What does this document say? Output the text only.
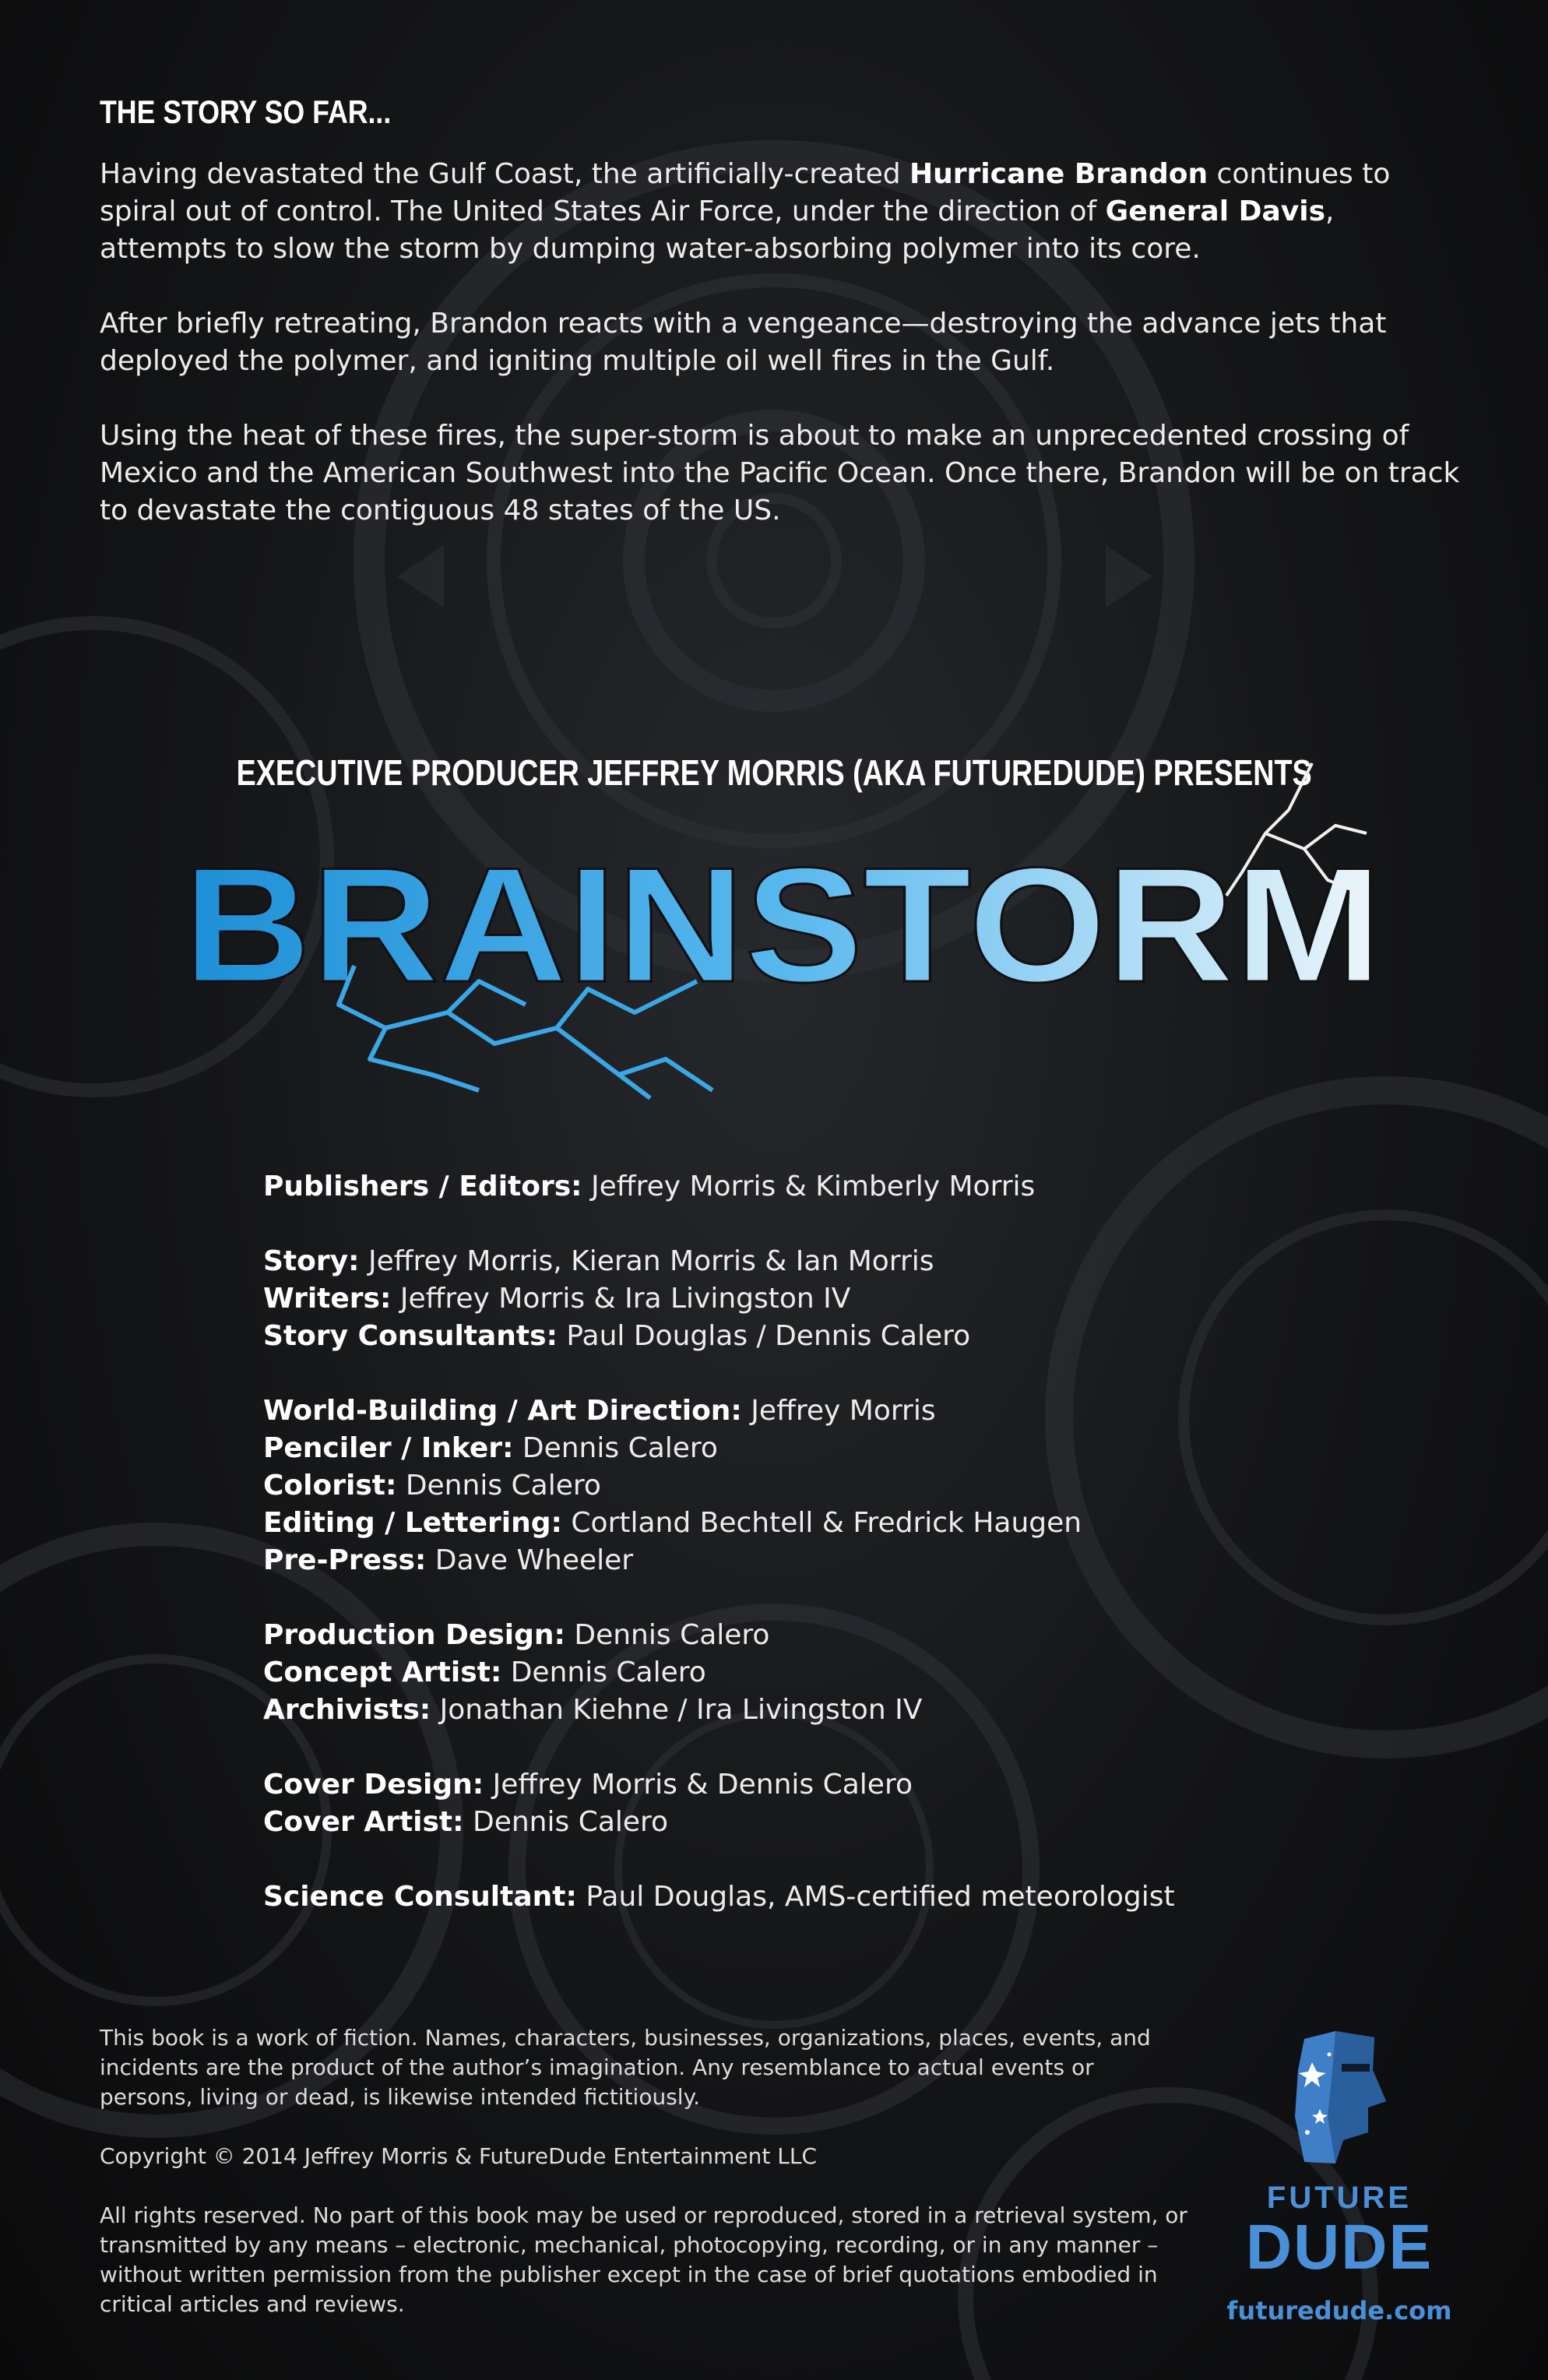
THE STORY SO FAR...

Having devastated the Gulf Coast, the artificially-created Hurricane Brandon continues to spiral out of control. The United States Air Force, under the direction of General Davis, attempts to slow the storm by dumping water-absorbing polymer into its core.

After briefly retreating, Brandon reacts with a vengeance—destroying the advance jets that deployed the polymer, and igniting multiple oil well fires in the Gulf.

Using the heat of these fires, the super-storm is about to make an unprecedented crossing of Mexico and the American Southwest into the Pacific Ocean. Once there, Brandon will be on track to devastate the contiguous 48 states of the US.

EXECUTIVE PRODUCER JEFFREY MORRIS (AKA FUTUREDUDE) PRESENTS
BRAINSTORM
Publishers / Editors: Jeffrey Morris & Kimberly Morris
Story: Jeffrey Morris, Kieran Morris & Ian Morris
Writers: Jeffrey Morris & Ira Livingston IV
Story Consultants: Paul Douglas / Dennis Calero
World-Building / Art Direction: Jeffrey Morris
Penciler / Inker: Dennis Calero
Colorist: Dennis Calero
Editing / Lettering: Cortland Bechtell & Fredrick Haugen
Pre-Press: Dave Wheeler
Production Design: Dennis Calero
Concept Artist: Dennis Calero
Archivists: Jonathan Kiehne / Ira Livingston IV
Cover Design: Jeffrey Morris & Dennis Calero
Cover Artist: Dennis Calero
Science Consultant: Paul Douglas, AMS-certified meteorologist

This book is a work of fiction. Names, characters, businesses, organizations, places, events, and incidents are the product of the author’s imagination. Any resemblance to actual events or persons, living or dead, is likewise intended fictitiously.

Copyright © 2014 Jeffrey Morris & FutureDude Entertainment LLC

All rights reserved. No part of this book may be used or reproduced, stored in a retrieval system, or transmitted by any means – electronic, mechanical, photocopying, recording, or in any manner – without written permission from the publisher except in the case of brief quotations embodied in critical articles and reviews.

FUTURE
DUDE
futuredude.com
